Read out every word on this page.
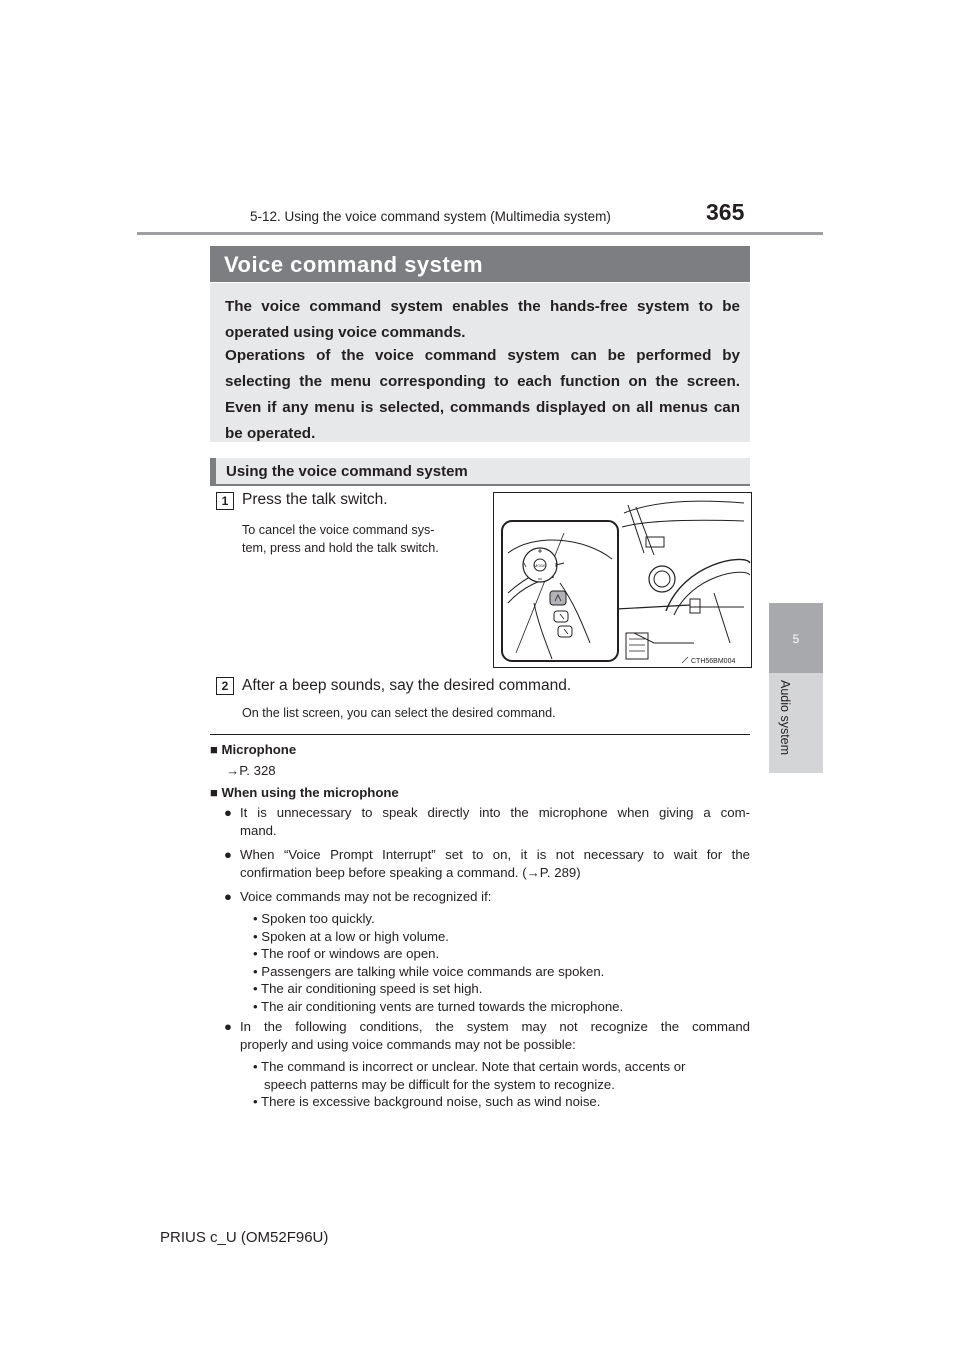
5-12. Using the voice command system (Multimedia system)	365
5
Audio system
Voice command system
The voice command system enables the hands-free system to be operated using voice commands.
Operations of the voice command system can be performed by selecting the menu corresponding to each function on the screen. Even if any menu is selected, commands displayed on all menus can be operated.
Using the voice command system
1 Press the talk switch.
To cancel the voice command sys-
tem, press and hold the talk switch.
MODE
CTH56BM004
2 After a beep sounds, say the desired command.
On the list screen, you can select the desired command.
■ Microphone
→P. 328
■ When using the microphone
● It is unnecessary to speak directly into the microphone when giving a com-
mand.
● When “Voice Prompt Interrupt” set to on, it is not necessary to wait for the
confirmation beep before speaking a command. (→P. 289)
● Voice commands may not be recognized if:
• Spoken too quickly.
• Spoken at a low or high volume.
• The roof or windows are open.
• Passengers are talking while voice commands are spoken.
• The air conditioning speed is set high.
• The air conditioning vents are turned towards the microphone.
● In the following conditions, the system may not recognize the command
properly and using voice commands may not be possible:
• The command is incorrect or unclear. Note that certain words, accents or
speech patterns may be difficult for the system to recognize.
• There is excessive background noise, such as wind noise.
PRIUS c_U (OM52F96U)
